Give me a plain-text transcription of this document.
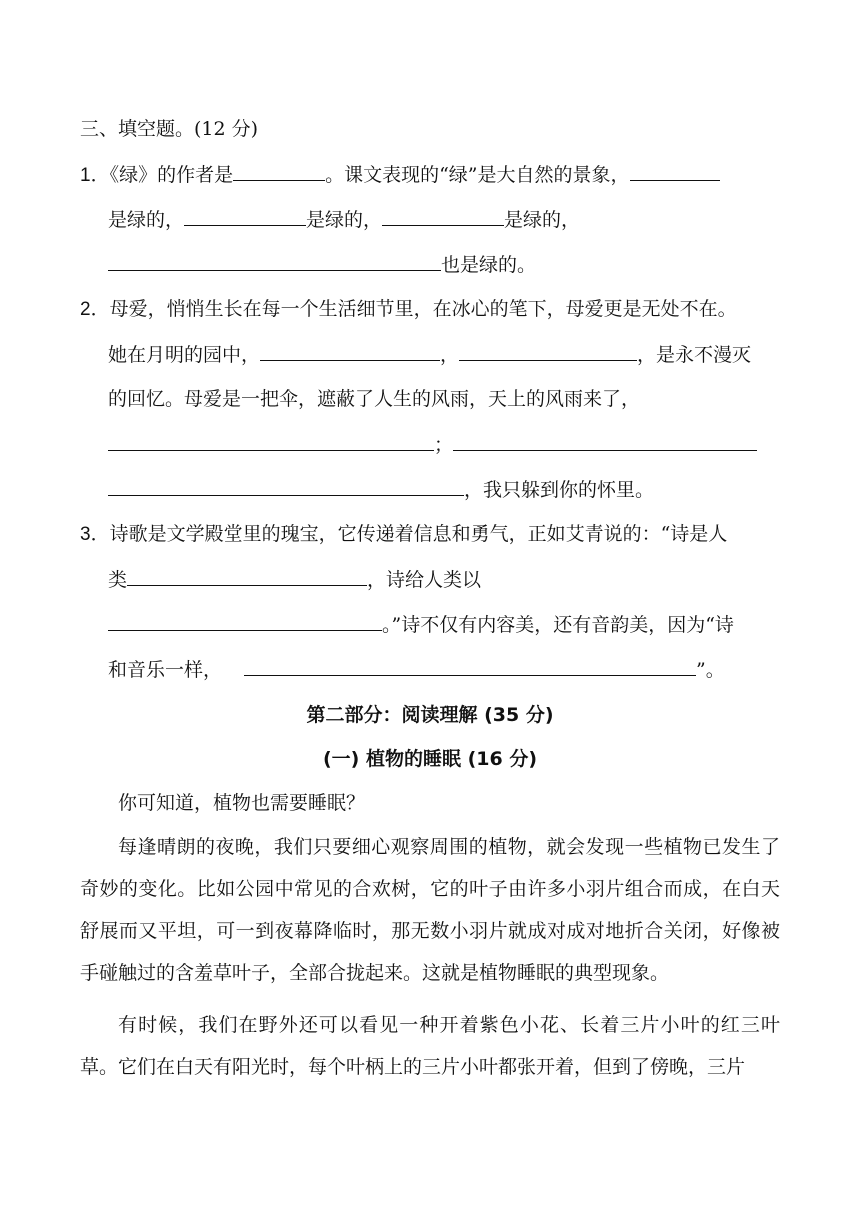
三、填空题。(12 分)
1．《绿》的作者是	。课文表现的“绿”是大自然的景象，
是绿的，	是绿的，	是绿的，
也是绿的。
2．母爱，悄悄生长在每一个生活细节里，在冰心的笔下，母爱更是无处不在。
她在月明的园中，	，	，是永不漫灭
的回忆。母爱是一把伞，遮蔽了人生的风雨，天上的风雨来了，
；
，我只躲到你的怀里。
3．诗歌是文学殿堂里的瑰宝，它传递着信息和勇气，正如艾青说的：“诗是人
类	，诗给人类以
。”诗不仅有内容美，还有音韵美，因为“诗
和音乐一样，	”。
第二部分：阅读理解 (35 分)
(一) 植物的睡眠 (16 分)
你可知道，植物也需要睡眠？
每逢晴朗的夜晚，我们只要细心观察周围的植物，就会发现一些植物已发生了奇妙的变化。比如公园中常见的合欢树，它的叶子由许多小羽片组合而成，在白天舒展而又平坦，可一到夜幕降临时，那无数小羽片就成对成对地折合关闭，好像被手碰触过的含羞草叶子，全部合拢起来。这就是植物睡眠的典型现象。
有时候，我们在野外还可以看见一种开着紫色小花、长着三片小叶的红三叶草。它们在白天有阳光时，每个叶柄上的三片小叶都张开着，但到了傍晚，三片
